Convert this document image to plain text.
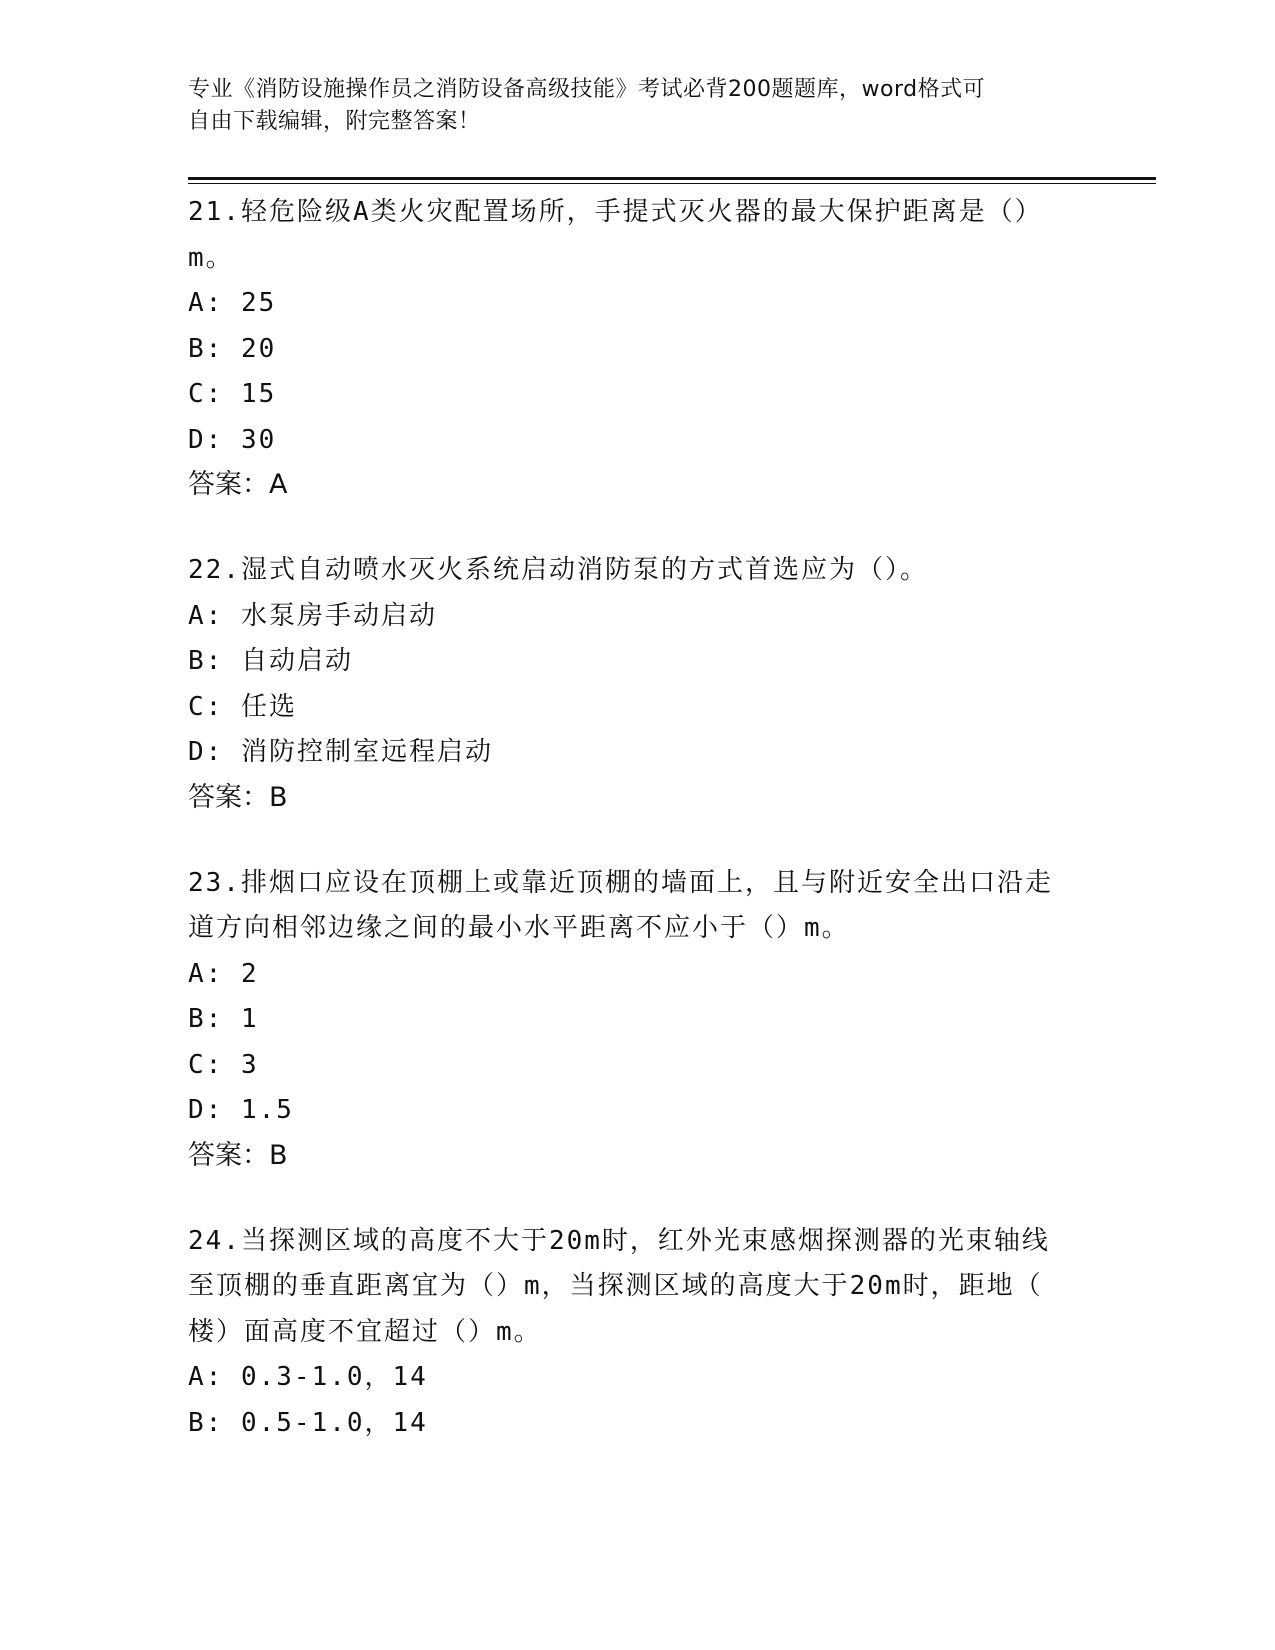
专业《消防设施操作员之消防设备高级技能》考试必背200题题库，word格式可
自由下载编辑，附完整答案！

21.轻危险级A类火灾配置场所，手提式灭火器的最大保护距离是（）

m。

A: 25

B: 20

C: 15

D: 30

答案：A

22.湿式自动喷水灭火系统启动消防泵的方式首选应为（）。

A: 水泵房手动启动

B: 自动启动

C: 任选

D: 消防控制室远程启动

答案：B

23.排烟口应设在顶棚上或靠近顶棚的墙面上，且与附近安全出口沿走

道方向相邻边缘之间的最小水平距离不应小于（）m。

A: 2

B: 1

C: 3

D: 1.5

答案：B

24.当探测区域的高度不大于20m时，红外光束感烟探测器的光束轴线

至顶棚的垂直距离宜为（）m，当探测区域的高度大于20m时，距地（

楼）面高度不宜超过（）m。

A: 0.3-1.0，14

B: 0.5-1.0，14
